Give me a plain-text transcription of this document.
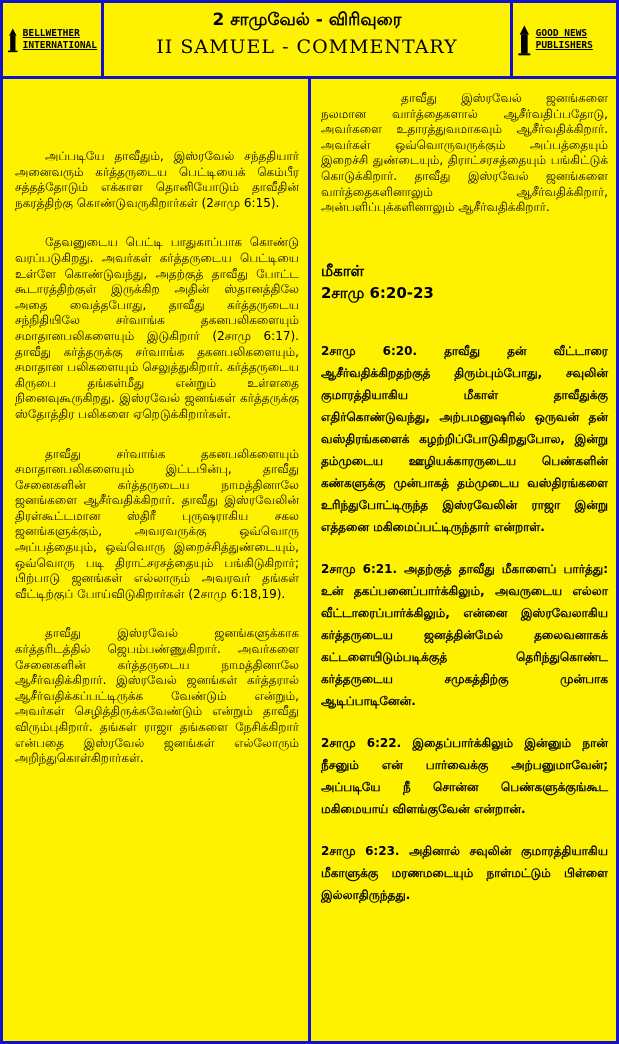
BELLWETHER INTERNATIONAL
2 சாமுவேல் - விரிவுரை
II SAMUEL - COMMENTARY
GOOD NEWS PUBLISHERS

அப்படியே தாவீதும், இஸ்ரவேல் சந்ததியார் அனைவரும் கர்த்தருடைய பெட்டியைக் கெம்பீர சத்தத்தோடும் எக்காள தொனியோடும் தாவீதின் நகரத்திற்கு கொண்டுவருகிறார்கள் (2சாமு 6:15).

தேவனுடைய பெட்டி பாதுகாப்பாக கொண்டு வரப்படுகிறது. அவர்கள் கர்த்தருடைய பெட்டியை உள்ளே கொண்டுவந்து, அதற்குத் தாவீது போட்ட கூடாரத்திற்குள் இருக்கிற அதின் ஸ்தானத்திலே அதை வைத்தபோது, தாவீது கர்த்தருடைய சந்நிதியிலே சர்வாங்க தகனபலிகளையும் சமாதானபலிகளையும் இடுகிறார் (2சாமு 6:17). தாவீது கர்த்தருக்கு சர்வாங்க தகனபலிகளையும், சமாதான பலிகளையும் செலுத்துகிறார். கர்த்தருடைய கிருபை தங்கள்மீது என்றும் உள்ளதை நினைவுகூருகிறது. இஸ்ரவேல் ஜனங்கள் கர்த்தருக்கு ஸ்தோத்திர பலிகளை ஏறெடுக்கிறார்கள்.

தாவீது சர்வாங்க தகனபலிகளையும் சமாதானபலிகளையும் இட்டபின்பு, தாவீது சேனைகளின் கர்த்தருடைய நாமத்தினாலே ஜனங்களை ஆசீர்வதிக்கிறார். தாவீது இஸ்ரவேலின் திரள்கூட்டமான ஸ்திரீ புருஷராகிய சகல ஜனங்களுக்கும், அவரவருக்கு ஒவ்வொரு அப்பத்தையும், ஒவ்வொரு இறைச்சித்துண்டையும், ஒவ்வொரு படி திராட்சரசத்தையும் பங்கிடுகிறார்; பிற்பாடு ஜனங்கள் எல்லாரும் அவரவர் தங்கள் வீட்டிற்குப் போய்விடுகிறார்கள் (2சாமு 6:18,19).

தாவீது இஸ்ரவேல் ஜனங்களுக்காக கர்த்தரிடத்தில் ஜெபம்பண்ணுகிறார். அவர்களை சேனைகளின் கர்த்தருடைய நாமத்தினாலே ஆசீர்வதிக்கிறார். இஸ்ரவேல் ஜனங்கள் கர்த்தரால் ஆசீர்வதிக்கப்பட்டிருக்க வேண்டும் என்றும், அவர்கள் செழித்திருக்கவேண்டும் என்றும் தாவீது விரும்புகிறார். தங்கள் ராஜா தங்களை நேசிக்கிறார் என்பதை இஸ்ரவேல் ஜனங்கள் எல்லோரும் அறிந்துகொள்கிறார்கள்.

தாவீது இஸ்ரவேல் ஜனங்களை நலமான வார்த்தைகளால் ஆசீர்வதிப்பதோடு, அவர்களை உதாரத்துவமாகவும் ஆசீர்வதிக்கிறார். அவர்கள் ஒவ்வொருவருக்கும் அப்பத்தையும் இறைச்சி துண்டையும், திராட்சரசத்தையும் பங்கிட்டுக் கொடுக்கிறார். தாவீது இஸ்ரவேல் ஜனங்களை வார்த்தைகளினாலும் ஆசீர்வதிக்கிறார், அன்பளிப்புக்களினாலும் ஆசீர்வதிக்கிறார்.

மீகாள்
2சாமு 6:20-23

2சாமு 6:20. தாவீது தன் வீட்டாரை ஆசீர்வதிக்கிறதற்குத் திரும்பும்போது, சவுலின் குமாரத்தியாகிய மீகாள் தாவீதுக்கு எதிர்கொண்டுவந்து, அற்பமனுஷரில் ஒருவன் தன் வஸ்திரங்களைக் கழற்றிப்போடுகிறதுபோல, இன்று தம்முடைய ஊழியக்காரருடைய பெண்களின் கண்களுக்கு முன்பாகத் தம்முடைய வஸ்திரங்களை உரிந்துபோட்டிருந்த இஸ்ரவேலின் ராஜா இன்று எத்தனை மகிமைப்பட்டிருந்தார் என்றாள்.

2சாமு 6:21. அதற்குத் தாவீது மீகாளைப் பார்த்து: உன் தகப்பனைப்பார்க்கிலும், அவருடைய எல்லா வீட்டாரைப்பார்க்கிலும், என்னை இஸ்ரவேலாகிய கர்த்தருடைய ஜனத்தின்மேல் தலைவனாகக் கட்டளையிடும்படிக்குத் தெரிந்துகொண்ட கர்த்தருடைய சமுகத்திற்கு முன்பாக ஆடிப்பாடினேன்.

2சாமு 6:22. இதைப்பார்க்கிலும் இன்னும் நான் நீசனும் என் பார்வைக்கு அற்பனுமாவேன்; அப்படியே நீ சொன்ன பெண்களுக்குங்கூட மகிமையாய் விளங்குவேன் என்றான்.

2சாமு 6:23. அதினால் சவுலின் குமாரத்தியாகிய மீகாளுக்கு மரணமடையும் நாள்மட்டும் பிள்ளை இல்லாதிருந்தது.
